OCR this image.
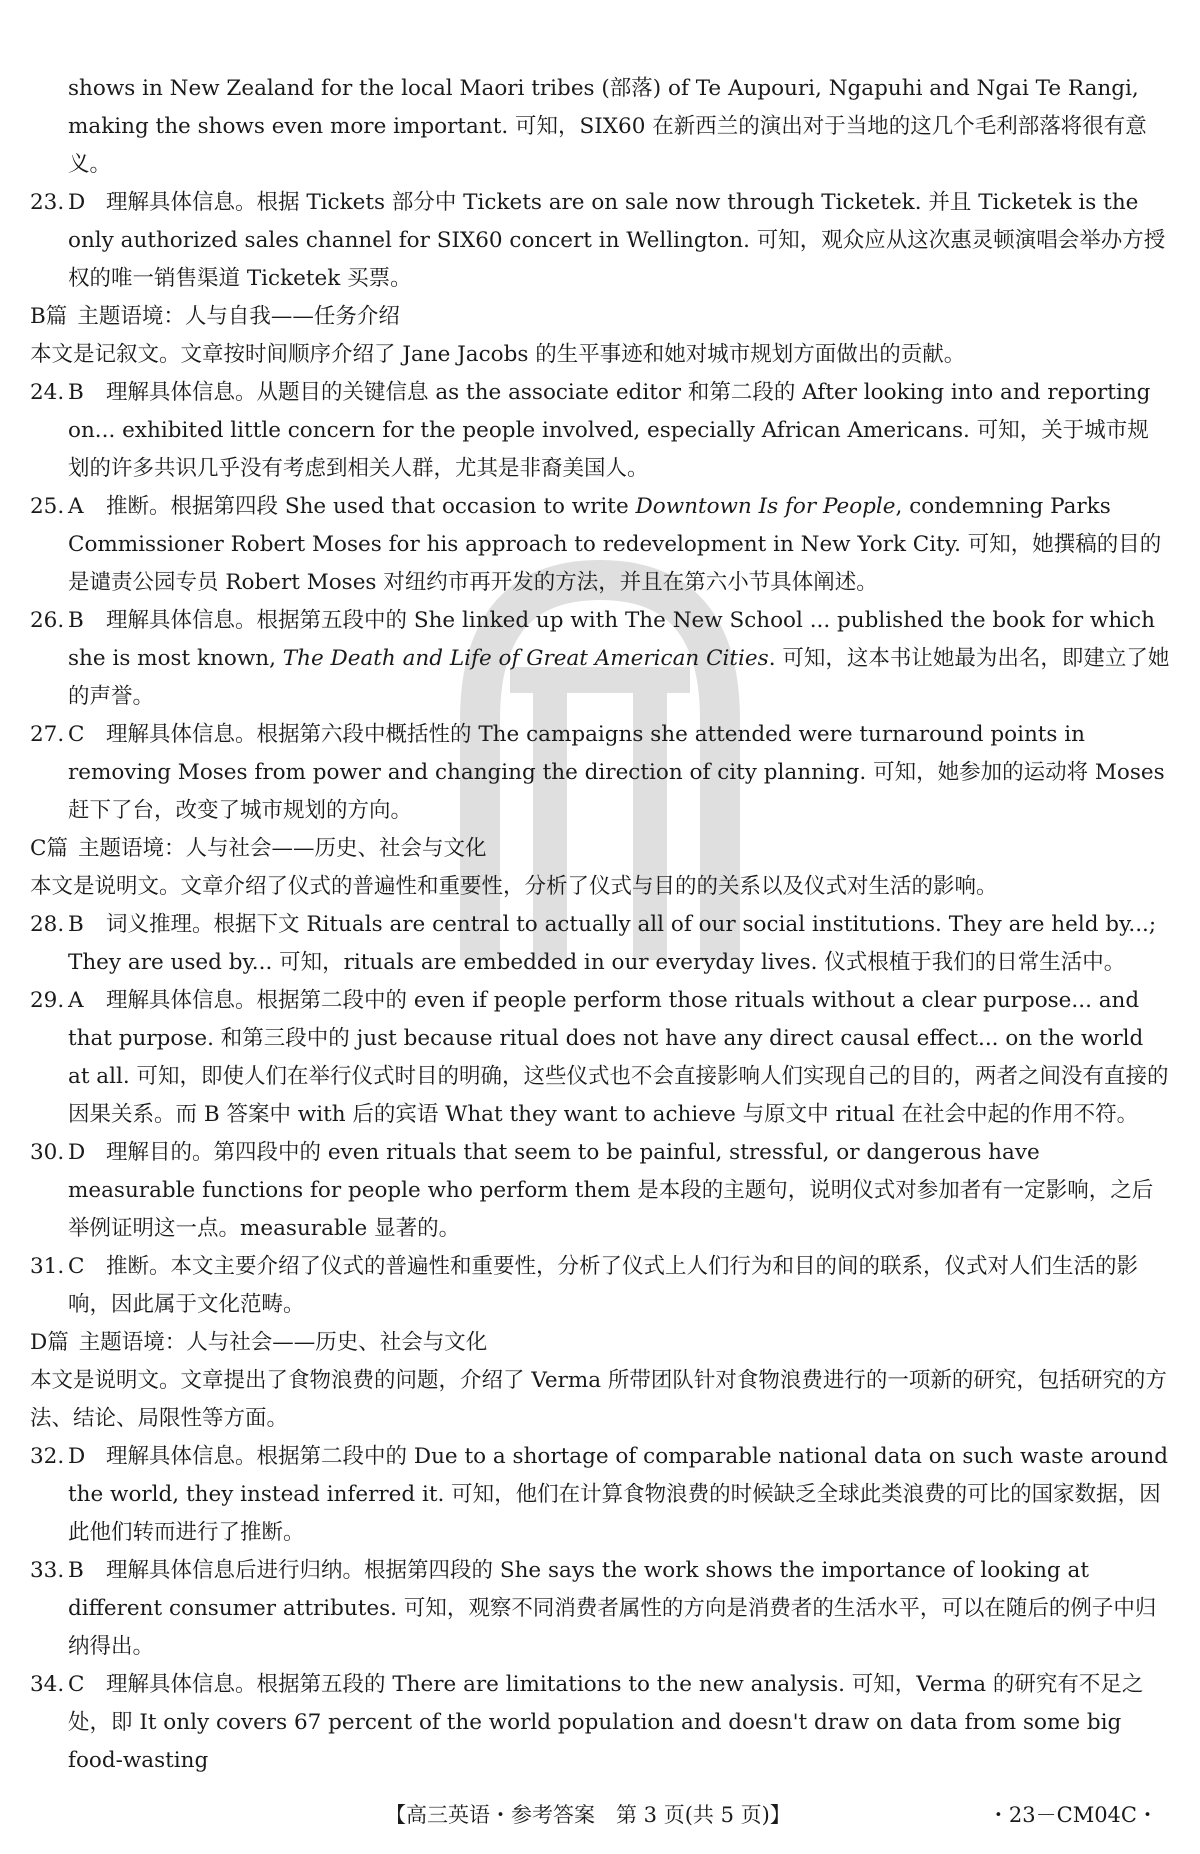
shows in New Zealand for the local Maori tribes (部落) of Te Aupouri, Ngapuhi and Ngai Te Rangi, making the shows even more important. 可知，SIX60 在新西兰的演出对于当地的这几个毛利部落将很有意义。

23. D 理解具体信息。根据 Tickets 部分中 Tickets are on sale now through Ticketek. 并且 Ticketek is the only authorized sales channel for SIX60 concert in Wellington. 可知，观众应从这次惠灵顿演唱会举办方授权的唯一销售渠道 Ticketek 买票。

B篇 主题语境：人与自我——任务介绍

本文是记叙文。文章按时间顺序介绍了 Jane Jacobs 的生平事迹和她对城市规划方面做出的贡献。

24. B 理解具体信息。从题目的关键信息 as the associate editor 和第二段的 After looking into and reporting on... exhibited little concern for the people involved, especially African Americans. 可知，关于城市规划的许多共识几乎没有考虑到相关人群，尤其是非裔美国人。

25. A 推断。根据第四段 She used that occasion to write Downtown Is for People, condemning Parks Commissioner Robert Moses for his approach to redevelopment in New York City. 可知，她撰稿的目的是谴责公园专员 Robert Moses 对纽约市再开发的方法，并且在第六小节具体阐述。

26. B 理解具体信息。根据第五段中的 She linked up with The New School ... published the book for which she is most known, The Death and Life of Great American Cities. 可知，这本书让她最为出名，即建立了她的声誉。

27. C 理解具体信息。根据第六段中概括性的 The campaigns she attended were turnaround points in removing Moses from power and changing the direction of city planning. 可知，她参加的运动将 Moses 赶下了台，改变了城市规划的方向。

C篇 主题语境：人与社会——历史、社会与文化

本文是说明文。文章介绍了仪式的普遍性和重要性，分析了仪式与目的的关系以及仪式对生活的影响。

28. B 词义推理。根据下文 Rituals are central to actually all of our social institutions. They are held by...; They are used by... 可知，rituals are embedded in our everyday lives. 仪式根植于我们的日常生活中。

29. A 理解具体信息。根据第二段中的 even if people perform those rituals without a clear purpose... and that purpose. 和第三段中的 just because ritual does not have any direct causal effect... on the world at all. 可知，即使人们在举行仪式时目的明确，这些仪式也不会直接影响人们实现自己的目的，两者之间没有直接的因果关系。而 B 答案中 with 后的宾语 What they want to achieve 与原文中 ritual 在社会中起的作用不符。

30. D 理解目的。第四段中的 even rituals that seem to be painful, stressful, or dangerous have measurable functions for people who perform them 是本段的主题句，说明仪式对参加者有一定影响，之后举例证明这一点。measurable 显著的。

31. C 推断。本文主要介绍了仪式的普遍性和重要性，分析了仪式上人们行为和目的间的联系，仪式对人们生活的影响，因此属于文化范畴。

D篇 主题语境：人与社会——历史、社会与文化

本文是说明文。文章提出了食物浪费的问题，介绍了 Verma 所带团队针对食物浪费进行的一项新的研究，包括研究的方法、结论、局限性等方面。

32. D 理解具体信息。根据第二段中的 Due to a shortage of comparable national data on such waste around the world, they instead inferred it. 可知，他们在计算食物浪费的时候缺乏全球此类浪费的可比的国家数据，因此他们转而进行了推断。

33. B 理解具体信息后进行归纳。根据第四段的 She says the work shows the importance of looking at different consumer attributes. 可知，观察不同消费者属性的方向是消费者的生活水平，可以在随后的例子中归纳得出。

34. C 理解具体信息。根据第五段的 There are limitations to the new analysis. 可知，Verma 的研究有不足之处，即 It only covers 67 percent of the world population and doesn't draw on data from some big food-wasting

【高三英语・参考答案　第 3 页(共 5 页)】	・23－CM04C・
